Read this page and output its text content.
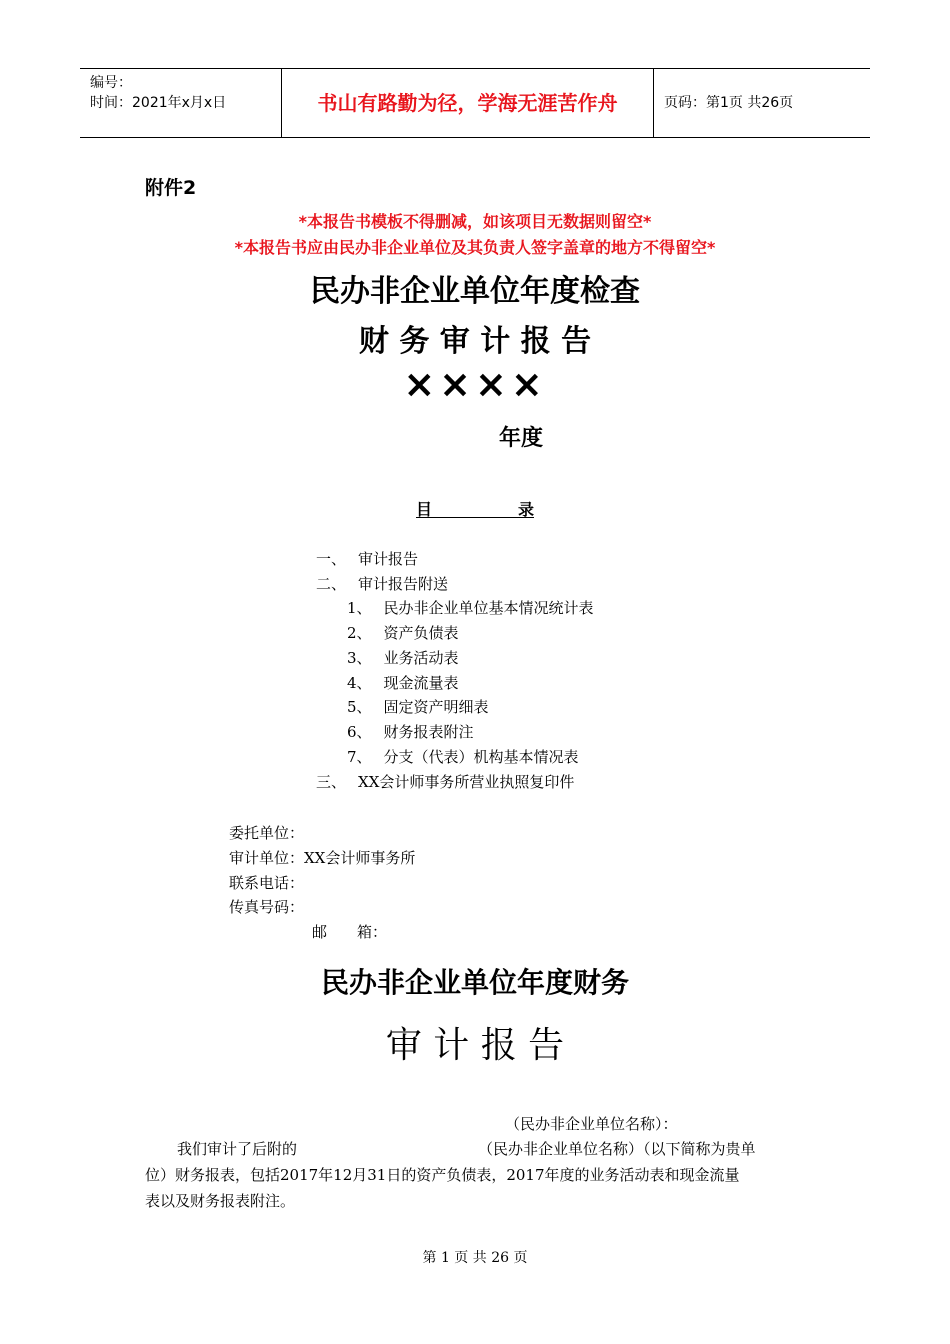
编号：
时间：2021年x月x日	书山有路勤为径，学海无涯苦作舟	页码：第1页 共26页
附件2
*本报告书模板不得删减，如该项目无数据则留空*
*本报告书应由民办非企业单位及其负责人签字盖章的地方不得留空*
民办非企业单位年度检查
财 务 审 计 报 告
××××
年度
目	录
一、 审计报告
二、 审计报告附送
1、 民办非企业单位基本情况统计表
2、 资产负债表
3、 业务活动表
4、 现金流量表
5、 固定资产明细表
6、 财务报表附注
7、 分支（代表）机构基本情况表
三、 XX会计师事务所营业执照复印件
委托单位：
审计单位：XX会计师事务所
联系电话：
传真号码：
邮 箱：
民办非企业单位年度财务
审 计 报 告
（民办非企业单位名称）：
我们审计了后附的	（民办非企业单位名称）（以下简称为贵单
位）财务报表，包括2017年12月31日的资产负债表，2017年度的业务活动表和现金流量
表以及财务报表附注。
第 1 页 共 26 页
